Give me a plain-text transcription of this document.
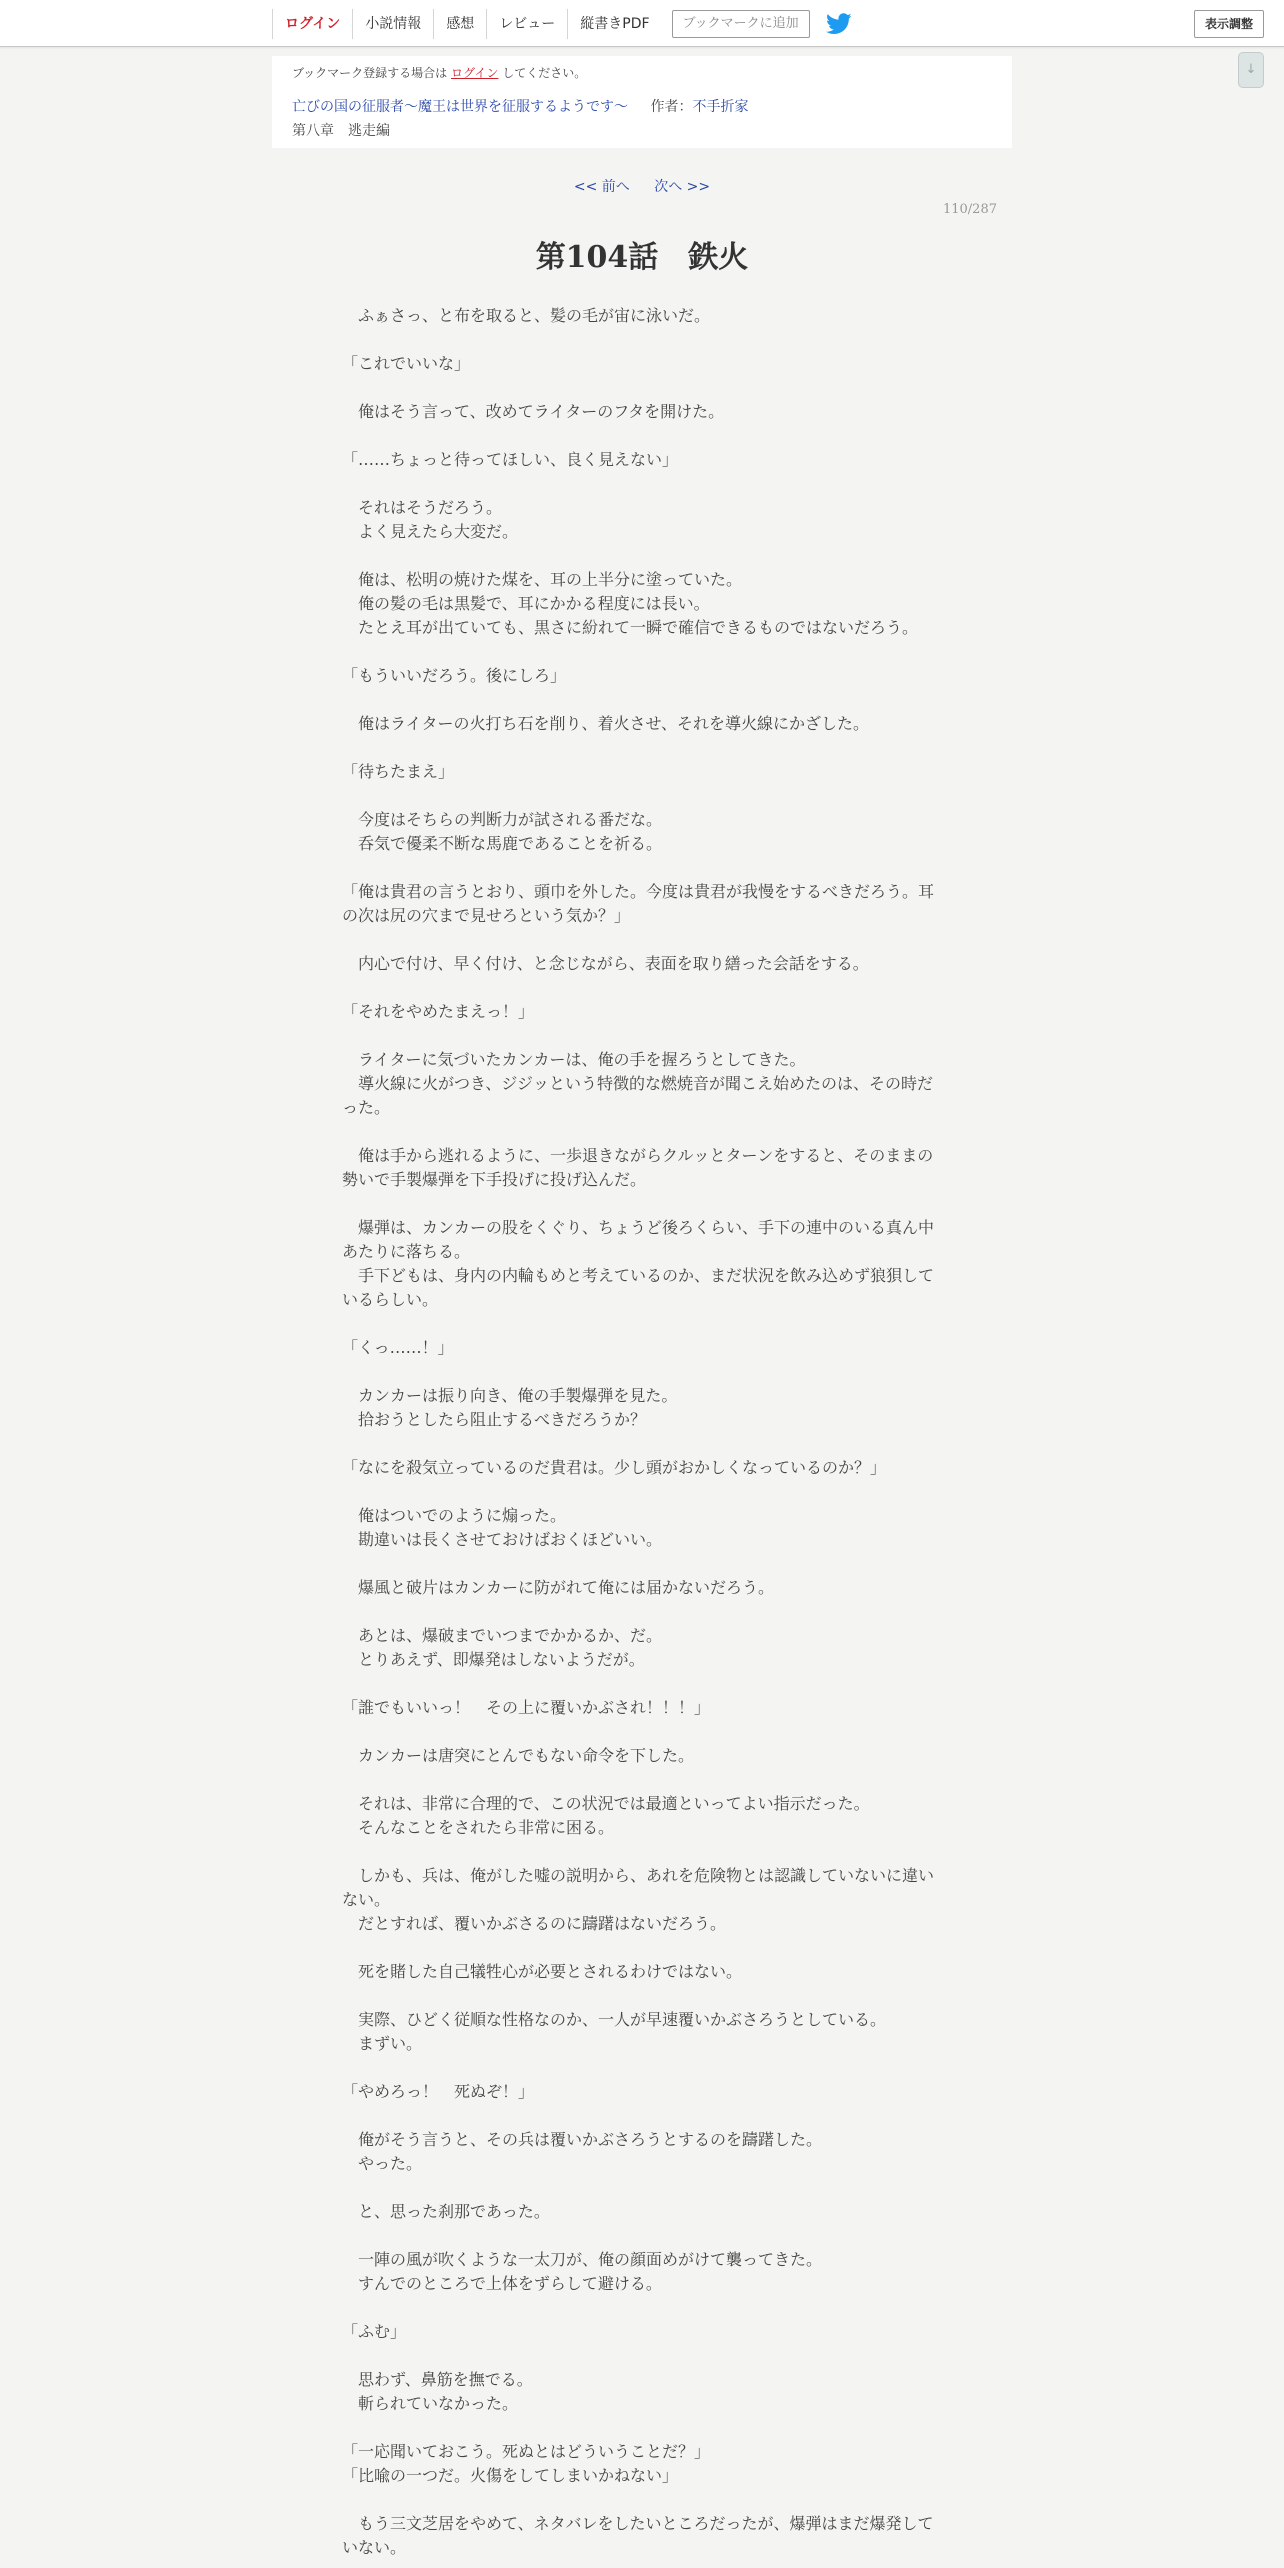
ログイン	小説情報	感想	レビュー	縦書きPDF	ブックマークに追加	表示調整
↓
ブックマーク登録する場合は ログイン してください。
亡びの国の征服者～魔王は世界を征服するようです～ 作者：不手折家
第八章　逃走編
<< 前へ 次へ >>
110/287
第104話　鉄火

　ふぁさっ、と布を取ると、髪の毛が宙に泳いだ。

「これでいいな」

　俺はそう言って、改めてライターのフタを開けた。

「……ちょっと待ってほしい、良く見えない」

　それはそうだろう。

　よく見えたら大変だ。

　俺は、松明の焼けた煤を、耳の上半分に塗っていた。

　俺の髪の毛は黒髪で、耳にかかる程度には長い。

　たとえ耳が出ていても、黒さに紛れて一瞬で確信できるものではないだろう。

「もういいだろう。後にしろ」

　俺はライターの火打ち石を削り、着火させ、それを導火線にかざした。

「待ちたまえ」

　今度はそちらの判断力が試される番だな。

　呑気で優柔不断な馬鹿であることを祈る。

「俺は貴君の言うとおり、頭巾を外した。今度は貴君が我慢をするべきだろう。耳の次は尻の穴まで見せろという気か？」

　内心で付け、早く付け、と念じながら、表面を取り繕った会話をする。

「それをやめたまえっ！」

　ライターに気づいたカンカーは、俺の手を握ろうとしてきた。

　導火線に火がつき、ジジッという特徴的な燃焼音が聞こえ始めたのは、その時だった。

　俺は手から逃れるように、一歩退きながらクルッとターンをすると、そのままの勢いで手製爆弾を下手投げに投げ込んだ。

　爆弾は、カンカーの股をくぐり、ちょうど後ろくらい、手下の連中のいる真ん中あたりに落ちる。

　手下どもは、身内の内輪もめと考えているのか、まだ状況を飲み込めず狼狽しているらしい。

「くっ……！」

　カンカーは振り向き、俺の手製爆弾を見た。

　拾おうとしたら阻止するべきだろうか？

「なにを殺気立っているのだ貴君は。少し頭がおかしくなっているのか？」

　俺はついでのように煽った。

　勘違いは長くさせておけばおくほどいい。

　爆風と破片はカンカーに防がれて俺には届かないだろう。

　あとは、爆破までいつまでかかるか、だ。

　とりあえず、即爆発はしないようだが。

「誰でもいいっ！　その上に覆いかぶされ！！！」

　カンカーは唐突にとんでもない命令を下した。

　それは、非常に合理的で、この状況では最適といってよい指示だった。

　そんなことをされたら非常に困る。

　しかも、兵は、俺がした嘘の説明から、あれを危険物とは認識していないに違いない。

　だとすれば、覆いかぶさるのに躊躇はないだろう。

　死を賭した自己犠牲心が必要とされるわけではない。

　実際、ひどく従順な性格なのか、一人が早速覆いかぶさろうとしている。

　まずい。

「やめろっ！　死ぬぞ！」

　俺がそう言うと、その兵は覆いかぶさろうとするのを躊躇した。

　やった。

　と、思った刹那であった。

　一陣の風が吹くような一太刀が、俺の顔面めがけて襲ってきた。

　すんでのところで上体をずらして避ける。

「ふむ」

　思わず、鼻筋を撫でる。

　斬られていなかった。

「一応聞いておこう。死ぬとはどういうことだ？」

「比喩の一つだ。火傷をしてしまいかねない」

　もう三文芝居をやめて、ネタバレをしたいところだったが、爆弾はまだ爆発していない。
